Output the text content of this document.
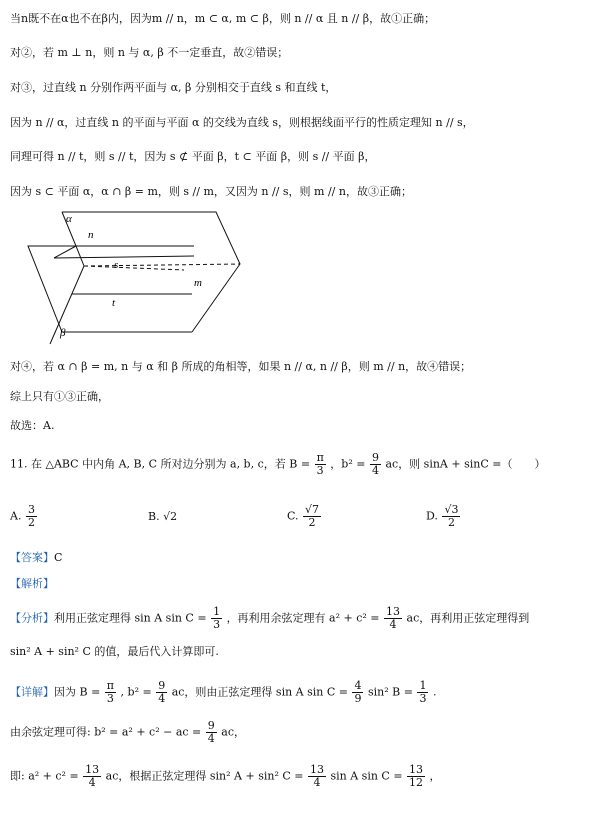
当n既不在α也不在β内，因为m // n，m ⊂ α, m ⊂ β，则 n // α 且 n // β，故①正确；
对②，若 m ⊥ n，则 n 与 α, β 不一定垂直，故②错误；
对③，过直线 n 分别作两平面与 α, β 分别相交于直线 s 和直线 t，
因为 n // α，过直线 n 的平面与平面 α 的交线为直线 s，则根据线面平行的性质定理知 n // s，
同理可得 n // t，则 s // t，因为 s ⊄ 平面 β，t ⊂ 平面 β，则 s // 平面 β，
因为 s ⊂ 平面 α，α ∩ β = m，则 s // m，又因为 n // s，则 m // n，故③正确；
α
n
s
m
t
β
对④，若 α ∩ β = m, n 与 α 和 β 所成的角相等，如果 n // α, n // β，则 m // n，故④错误；
综上只有①③正确，
故选：A.
11. 在 △ABC 中内角 A, B, C 所对边分别为 a, b, c，若 $B = \frac{\pi}{3}$ ，$b^2 = \frac{9}{4}$ ac，则 sinA + sinC =（　　）
A. $\frac{3}{2}$	B. √2	C. $\frac{√7}{2}$	D. $\frac{√3}{2}$
【答案】C
【解析】
【分析】利用正弦定理得 sin A $\sin C = \frac{1}{3}$ ，再利用余弦定理有 $a^2 + c^2 = \frac{13}{4}$ ac，再利用正弦定理得到
sin² A + sin² C 的值，最后代入计算即可.
【详解】因为 $B = \frac{\pi}{3}$ , $b^2 = \frac{9}{4}$ ac，则由正弦定理得 sin A $\sin C = \frac{4}{9} \sin^2$ $B = \frac{1}{3}$ .
由余弦定理可得: b² = a² + c² − ac = $\frac{9}{4}$ ac，
即: $a^2 + c^2 = \frac{13}{4}$ ac，根据正弦定理得 sin² A + sin² $C = \frac{13}{4}$ sin A $\sin C = \frac{13}{12}$ ，
